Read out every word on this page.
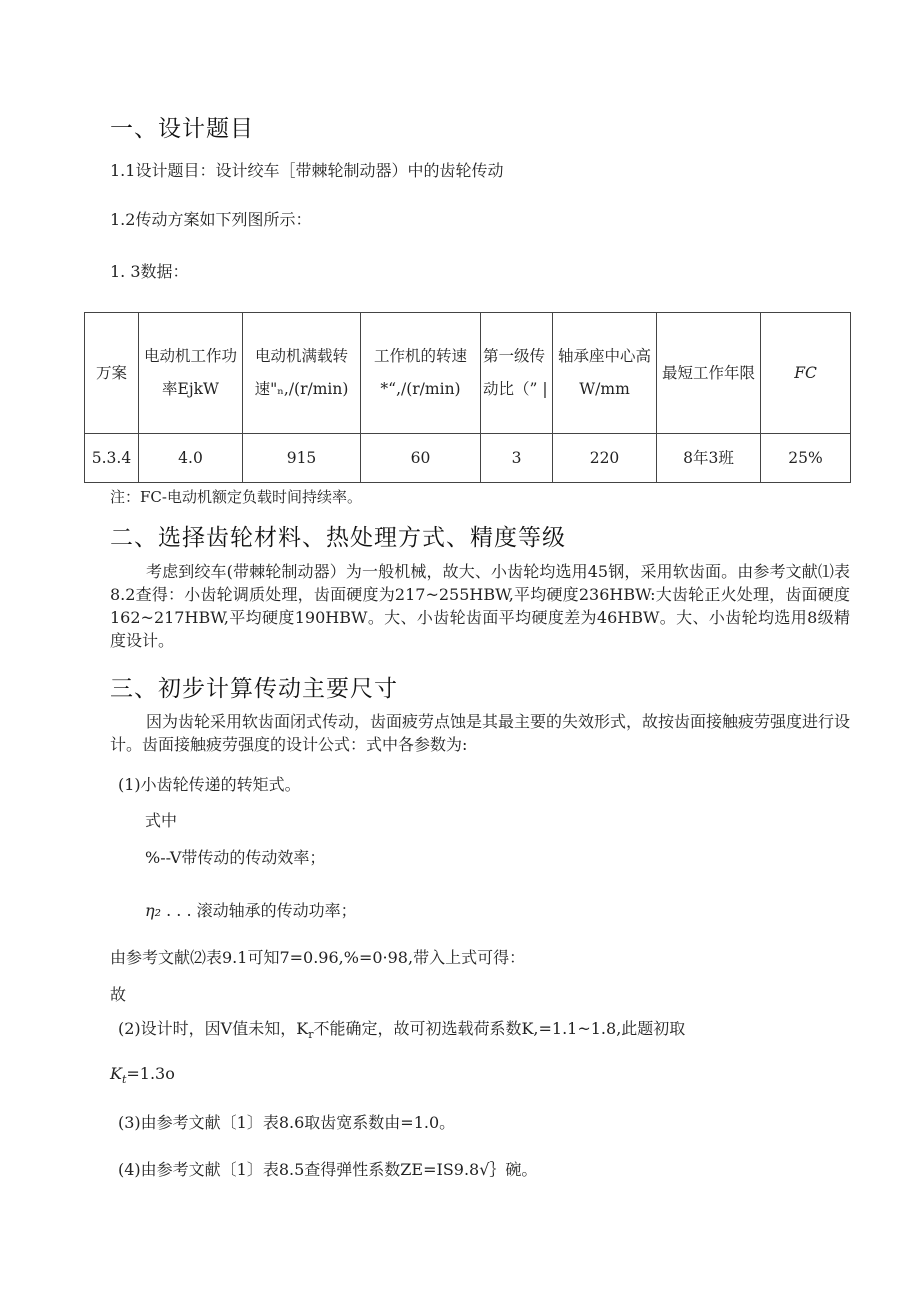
一、设计题目
1.1设计题目：设计绞车［带棘轮制动器）中的齿轮传动
1.2传动方案如下列图所示：
1. 3数据：
万案	电动机工作功率EjkW	电动机满载转速"ₙ,/(r/min)	工作机的转速*“,/(r/min)	第一级传动比（” |	轴承座中心高W/mm	最短工作年限	FC
5.3.4	4.0	915	60	3	220	8年3班	25%
注：FC-电动机额定负载时间持续率。
二、选择齿轮材料、热处理方式、精度等级
考虑到绞车(带棘轮制动器）为一般机械，故大、小齿轮均选用45钢，采用软齿面。由参考文献⑴表8.2查得：小齿轮调质处理，齿面硬度为217~255HBW,平均硬度236HBW:大齿轮正火处理，齿面硬度162~217HBW,平均硬度190HBW。大、小齿轮齿面平均硬度差为46HBW。大、小齿轮均选用8级精度设计。
三、初步计算传动主要尺寸
因为齿轮采用软齿面闭式传动，齿面疲劳点蚀是其最主要的失效形式，故按齿面接触疲劳强度进行设计。齿面接触疲劳强度的设计公式：式中各参数为:
(1)小齿轮传递的转矩式。
式中
%--V带传动的传动效率；
η₂ . . . 滚动轴承的传动功率；
由参考文献⑵表9.1可知7=0.96,%=0·98,带入上式可得：
故
(2)设计时，因V值未知，$K_r$不能确定，故可初选载荷系数K,=1.1~1.8,此题初取
$K_t=1.3o$
(3)由参考文献〔1〕表8.6取齿宽系数由=1.0。
(4)由参考文献〔1〕表8.5查得弹性系数ZE=IS9.8√｝碗。
